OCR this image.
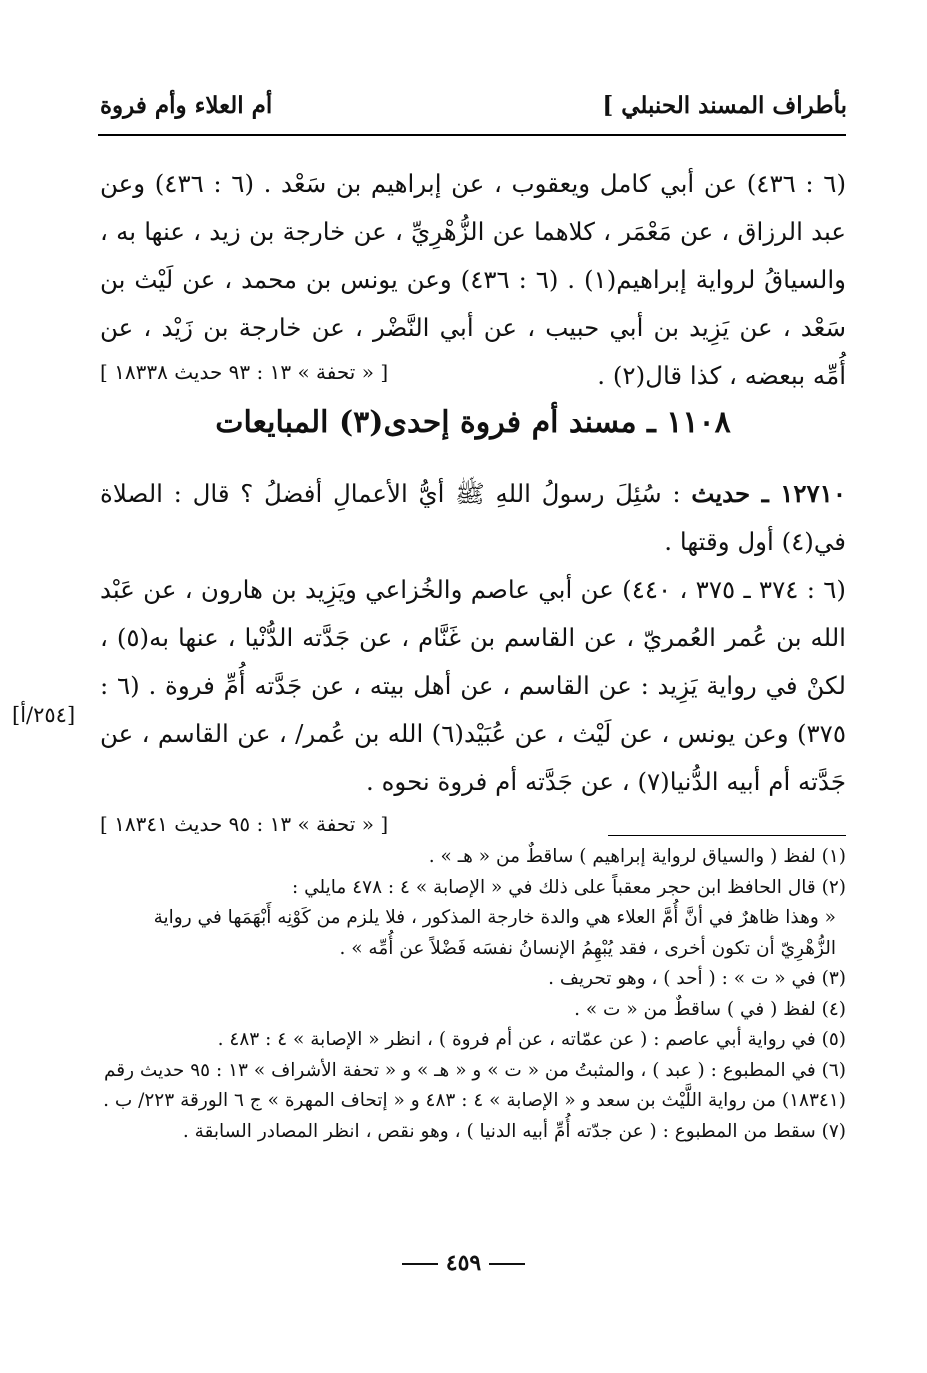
بأطراف المسند الحنبلي ]
أم العلاء وأم فروة

(٦ : ٤٣٦) عن أبي كامل ويعقوب ، عن إبراهيم بن سَعْد . (٦ : ٤٣٦) وعن عبد الرزاق ، عن مَعْمَر ، كلاهما عن الزُّهْرِيِّ ، عن خارجة بن زيد ، عنها به ، والسياقُ لرواية إبراهيم(١) . (٦ : ٤٣٦) وعن يونس بن محمد ، عن لَيْث بن سَعْد ، عن يَزِيد بن أبي حبيب ، عن أبي النَّضْر ، عن خارجة بن زَيْد ، عن أُمِّه ببعضه ، كذا قال(٢) .

[ « تحفة » ١٣ : ٩٣ حديث ١٨٣٣٨ ]
١١٠٨ ـ مسند أم فروة إحدى(٣) المبايعات

١٢٧١٠ ـ حديث : سُئِلَ رسولُ اللهِ ﷺ أيُّ الأعمالِ أفضلُ ؟ قال : الصلاة في(٤) أول وقتها .

(٦ : ٣٧٤ ـ ٣٧٥ ، ٤٤٠) عن أبي عاصم والخُزاعي ويَزِيد بن هارون ، عن عَبْد الله بن عُمر العُمريّ ، عن القاسم بن غَنَّام ، عن جَدَّته الدُّنْيا ، عنها به(٥) ، لكنْ في رواية يَزِيد : عن القاسم ، عن أهل بيته ، عن جَدَّته أُمِّ فروة . (٦ : ٣٧٥) وعن يونس ، عن لَيْث ، عن عُبَيْد(٦) الله بن عُمر/ ، عن القاسم ، عن جَدَّته أم أبيه الدُّنيا(٧) ، عن جَدَّته أم فروة نحوه .

[٢٥٤/أ]
[ « تحفة » ١٣ : ٩٥ حديث ١٨٣٤١ ]

(١) لفظ ( والسياق لرواية إبراهيم ) ساقطٌ من « هـ » .

(٢) قال الحافظ ابن حجر معقباً على ذلك في « الإصابة » ٤ : ٤٧٨ مايلي :

« وهذا ظاهرٌ في أنَّ أُمَّ العلاء هي والدة خارجة المذكور ، فلا يلزم من كَوْنِه أَبْهَمَها في رواية الزُّهْرِيّ أن تكون أخرى ، فقد يُبْهِمُ الإنسانُ نفسَه فَضْلاً عن أُمِّه » .

(٣) في « ت » : ( أحد ) ، وهو تحريف .

(٤) لفظ ( في ) ساقطٌ من « ت » .

(٥) في رواية أبي عاصم : ( عن عمّاته ، عن أم فروة ) ، انظر « الإصابة » ٤ : ٤٨٣ .

(٦) في المطبوع : ( عبد ) ، والمثبتُ من « ت » و « هـ » و « تحفة الأشراف » ١٣ : ٩٥ حديث رقم (١٨٣٤١) من رواية اللَّيْث بن سعد و « الإصابة » ٤ : ٤٨٣ و « إتحاف المهرة » ج ٦ الورقة ٢٢٣/ ب .

(٧) سقط من المطبوع : ( عن جدّته أُمِّ أبيه الدنيا ) ، وهو نقص ، انظر المصادر السابقة .

٤٥٩
